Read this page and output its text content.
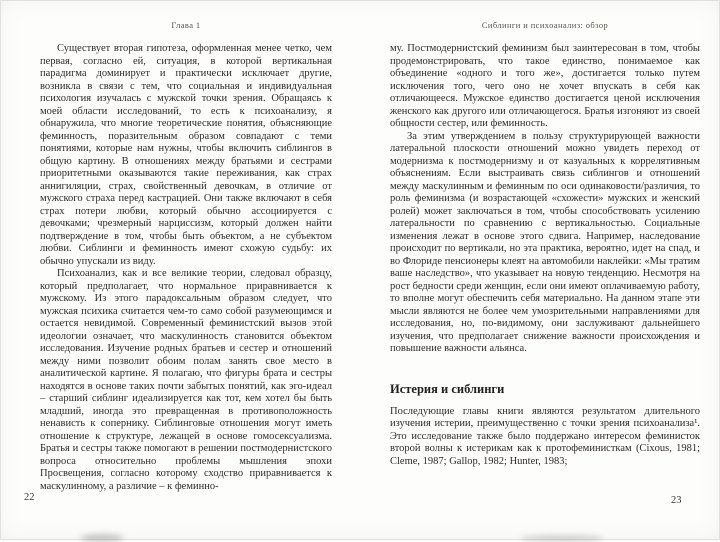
Глава 1

Существует вторая гипотеза, оформленная менее четко, чем первая, согласно ей, ситуация, в которой вертикальная парадигма доминирует и практически исключает другие, возникла в связи с тем, что социальная и индивидуальная психология изучалась с мужской точки зрения. Обращаясь к моей области исследований, то есть к психоанализу, я обнаружила, что многие теоретические понятия, объясняющие феминность, поразительным образом совпадают с теми понятиями, которые нам нужны, чтобы включить сиблингов в общую картину. В отношениях между братьями и сестрами приоритетными оказываются такие переживания, как страх аннигиляции, страх, свойственный девочкам, в отличие от мужского страха перед кастрацией. Они также включают в себя страх потери любви, который обычно ассоциируется с девочками; чрезмерный нарциссизм, который должен найти подтверждение в том, чтобы быть объектом, а не субъектом любви. Сиблинги и феминность имеют схожую судьбу: их обычно упускали из виду.

Психоанализ, как и все великие теории, следовал образцу, который предполагает, что нормальное приравнивается к мужскому. Из этого парадоксальным образом следует, что мужская психика считается чем-то само собой разумеющимся и остается невидимой. Современный феминистский вызов этой идеологии означает, что маскулинность становится объектом исследования. Изучение родных братьев и сестер и отношений между ними позволит обоим полам занять свое место в аналитической картине. Я полагаю, что фигуры брата и сестры находятся в основе таких почти забытых понятий, как эго-идеал – старший сиблинг идеализируется как тот, кем хотел бы быть младший, иногда это превращенная в противоположность ненависть к сопернику. Сиблинговые отношения могут иметь отношение к структуре, лежащей в основе гомосексуализма. Братья и сестры также помогают в решении постмодернистского вопроса относительно проблемы мышления эпохи Просвещения, согласно которому сходство приравнивается к маскулинному, а различие – к феминно-

Сиблинги и психоанализ: обзор

му. Постмодернистский феминизм был заинтересован в том, чтобы продемонстрировать, что такое единство, понимаемое как объединение «одного и того же», достигается только путем исключения того, чего оно не хочет впускать в себя как отличающееся. Мужское единство достигается ценой исключения женского как другого или отличающегося. Братья изгоняют из своей общности сестер, или феминность.

За этим утверждением в пользу структурирующей важности латеральной плоскости отношений можно увидеть переход от модернизма к постмодернизму и от казуальных к коррелятивным объяснениям. Если выстраивать связь сиблингов и отношений между маскулинным и феминным по оси одинаковости/различия, то роль феминизма (и возрастающей «схожести» мужских и женский ролей) может заключаться в том, чтобы способствовать усилению латеральности по сравнению с вертикальностью. Социальные изменения лежат в основе этого сдвига. Например, наследование происходит по вертикали, но эта практика, вероятно, идет на спад, и во Флориде пенсионеры клеят на автомобили наклейки: «Мы тратим ваше наследство», что указывает на новую тенденцию. Несмотря на рост бедности среди женщин, если они имеют оплачиваемую работу, то вполне могут обеспечить себя материально. На данном этапе эти мысли являются не более чем умозрительными направлениями для исследования, но, по-видимому, они заслуживают дальнейшего изучения, что предполагает снижение важности происхождения и повышение важности альянса.

Истерия и сиблинги

Последующие главы книги являются результатом длительного изучения истерии, преимущественно с точки зрения психоанализа¹. Это исследование также было поддержано интересом феминисток второй волны к истерикам как к протофеминисткам (Cixous, 1981; Cleme, 1987; Gallop, 1982; Hunter, 1983;

22	23
